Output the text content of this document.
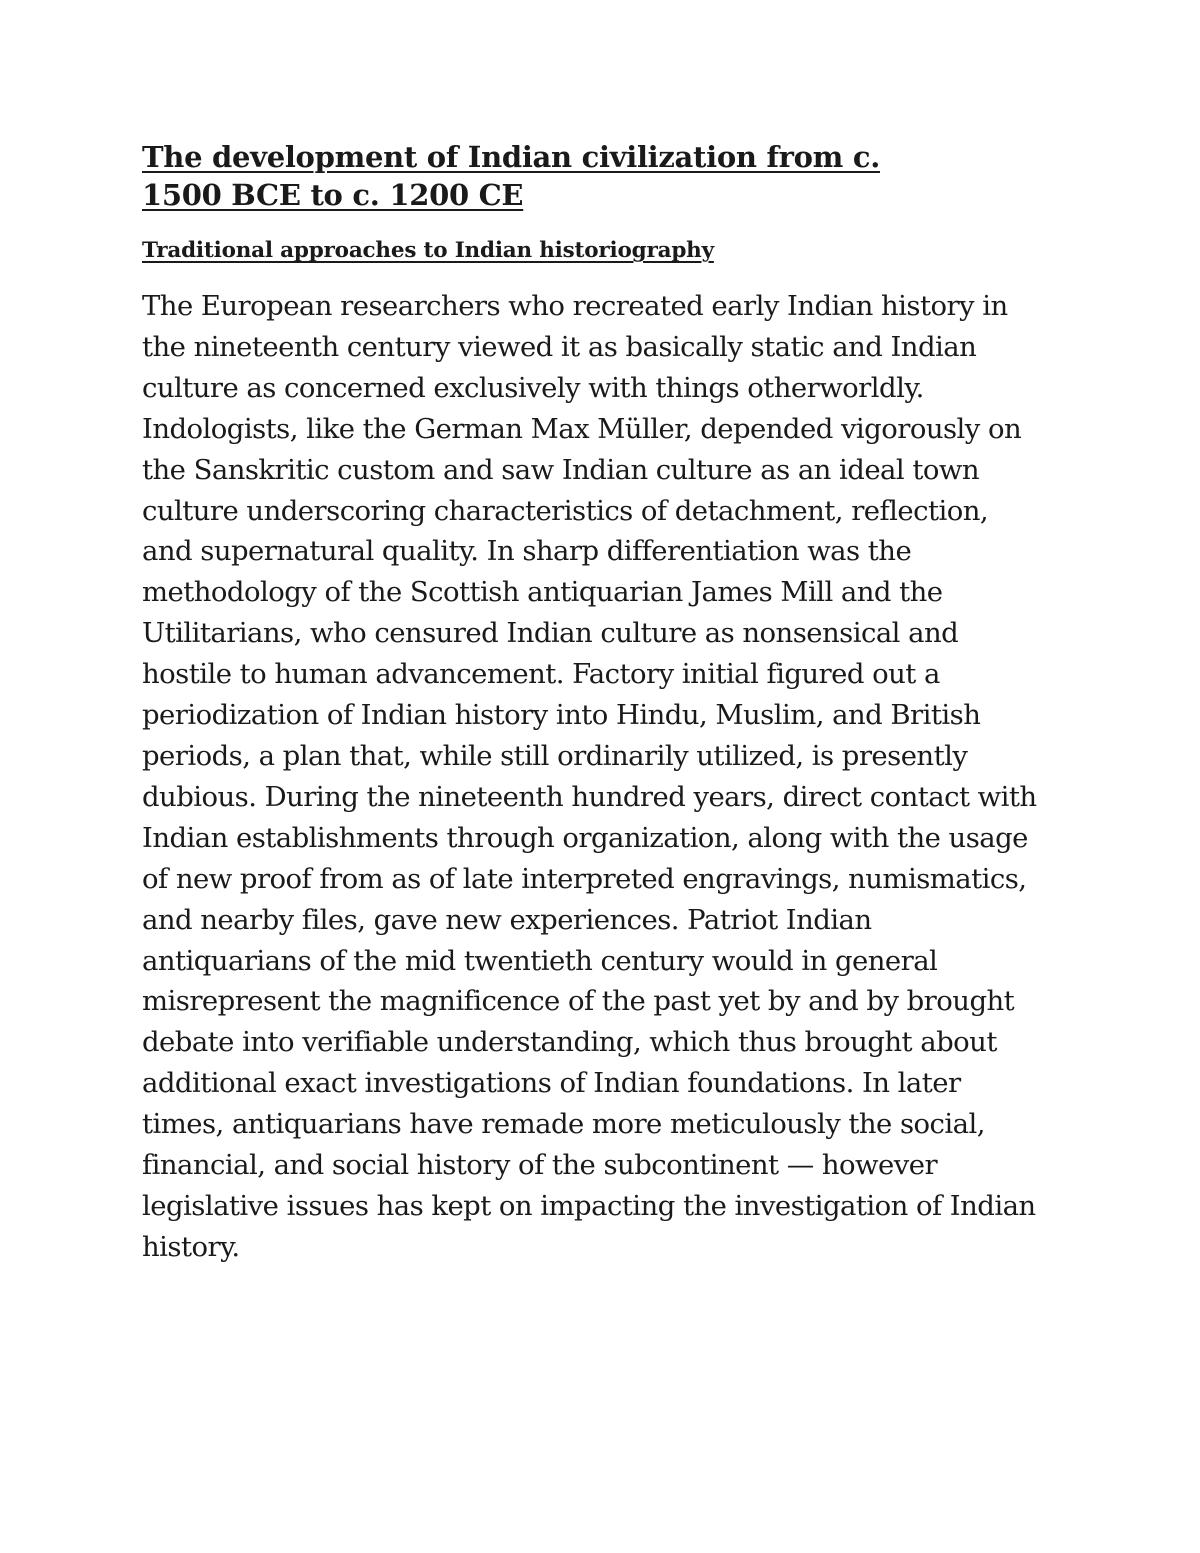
The development of Indian civilization from c.
1500 BCE to c. 1200 CE
Traditional approaches to Indian historiography

The European researchers who recreated early Indian history in
the nineteenth century viewed it as basically static and Indian
culture as concerned exclusively with things otherworldly.
Indologists, like the German Max Müller, depended vigorously on
the Sanskritic custom and saw Indian culture as an ideal town
culture underscoring characteristics of detachment, reflection,
and supernatural quality. In sharp differentiation was the
methodology of the Scottish antiquarian James Mill and the
Utilitarians, who censured Indian culture as nonsensical and
hostile to human advancement. Factory initial figured out a
periodization of Indian history into Hindu, Muslim, and British
periods, a plan that, while still ordinarily utilized, is presently
dubious. During the nineteenth hundred years, direct contact with
Indian establishments through organization, along with the usage
of new proof from as of late interpreted engravings, numismatics,
and nearby files, gave new experiences. Patriot Indian
antiquarians of the mid twentieth century would in general
misrepresent the magnificence of the past yet by and by brought
debate into verifiable understanding, which thus brought about
additional exact investigations of Indian foundations. In later
times, antiquarians have remade more meticulously the social,
financial, and social history of the subcontinent — however
legislative issues has kept on impacting the investigation of Indian
history.
